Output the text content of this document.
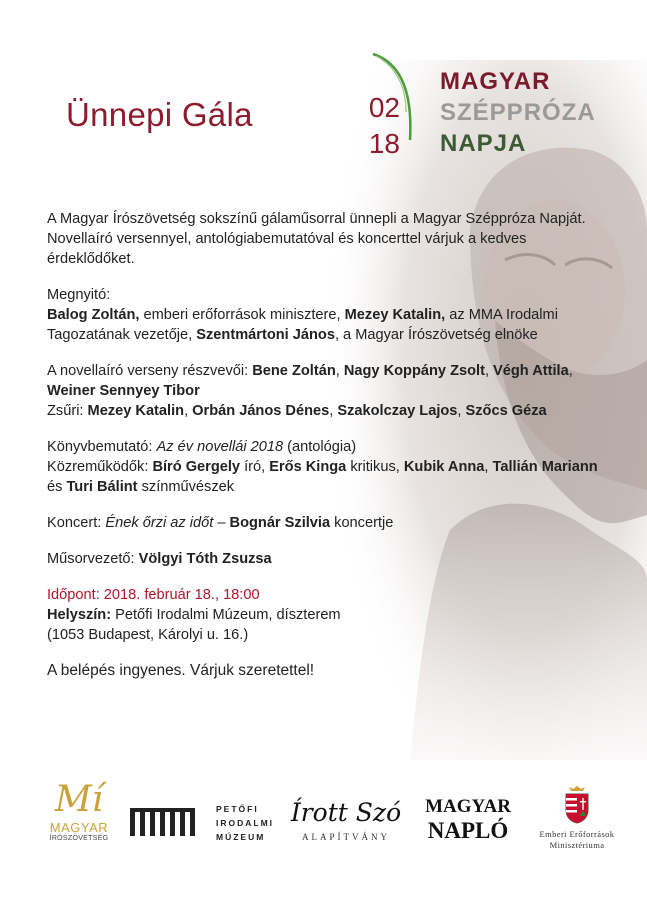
Ünnepi Gála	02
18
MAGYAR
SZÉPPRÓZA
NAPJA

A Magyar Írószövetség sokszínű gálaműsorral ünnepli a Magyar Széppróza Napját. Novellaíró versennyel, antológiabemutatóval és koncerttel várjuk a kedves érdeklődőket.

Megnyitó:
Balog Zoltán, emberi erőforrások minisztere, Mezey Katalin, az MMA Irodalmi Tagozatának vezetője, Szentmártoni János, a Magyar Írószövetség elnöke

A novellaíró verseny részvevői: Bene Zoltán, Nagy Koppány Zsolt, Végh Attila, Weiner Sennyey Tibor
Zsűri: Mezey Katalin, Orbán János Dénes, Szakolczay Lajos, Szőcs Géza

Könyvbemutató: Az év novellái 2018 (antológia)
Közreműködők: Bíró Gergely író, Erős Kinga kritikus, Kubik Anna, Tallián Mariann és Turi Bálint színművészek

Koncert: Ének őrzi az időt – Bognár Szilvia koncertje

Műsorvezető: Völgyi Tóth Zsuzsa

Időpont: 2018. február 18., 18:00
Helyszín: Petőfi Irodalmi Múzeum, díszterem
(1053 Budapest, Károlyi u. 16.)

A belépés ingyenes. Várjuk szeretettel!

Mí
MAGYAR
ÍRÓSZÖVETSÉG
PETŐFI
IRODALMI
MÚZEUM
Írott Szó
ALAPÍTVÁNY
MAGYAR
NAPLÓ	Emberi Erőforrások
Minisztériuma
